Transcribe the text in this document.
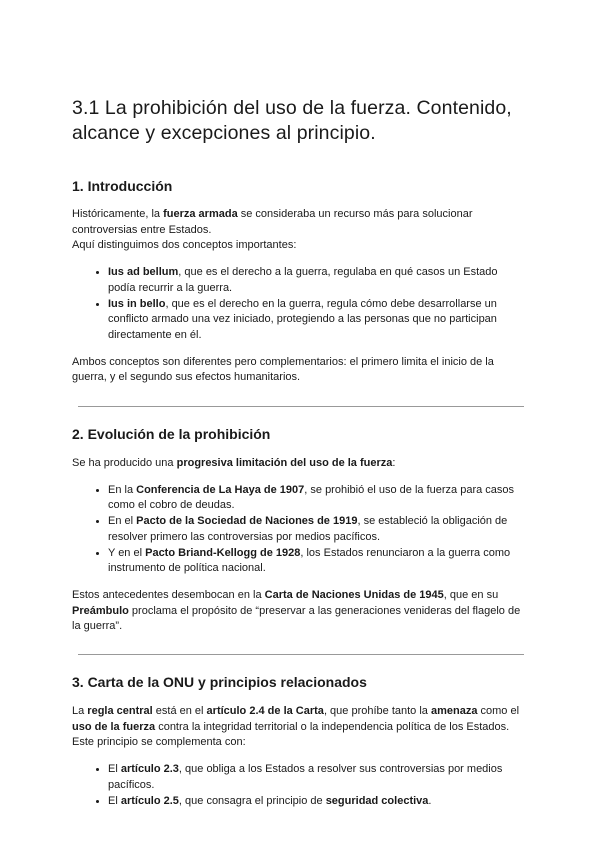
3.1 La prohibición del uso de la fuerza. Contenido, alcance y excepciones al principio.
1. Introducción

Históricamente, la fuerza armada se consideraba un recurso más para solucionar controversias entre Estados.

Aquí distinguimos dos conceptos importantes:

• Ius ad bellum, que es el derecho a la guerra, regulaba en qué casos un Estado podía recurrir a la guerra.
• Ius in bello, que es el derecho en la guerra, regula cómo debe desarrollarse un conflicto armado una vez iniciado, protegiendo a las personas que no participan directamente en él.

Ambos conceptos son diferentes pero complementarios: el primero limita el inicio de la guerra, y el segundo sus efectos humanitarios.

2. Evolución de la prohibición

Se ha producido una progresiva limitación del uso de la fuerza:

• En la Conferencia de La Haya de 1907, se prohibió el uso de la fuerza para casos como el cobro de deudas.
• En el Pacto de la Sociedad de Naciones de 1919, se estableció la obligación de resolver primero las controversias por medios pacíficos.
• Y en el Pacto Briand-Kellogg de 1928, los Estados renunciaron a la guerra como instrumento de política nacional.

Estos antecedentes desembocan en la Carta de Naciones Unidas de 1945, que en su Preámbulo proclama el propósito de “preservar a las generaciones venideras del flagelo de la guerra”.

3. Carta de la ONU y principios relacionados

La regla central está en el artículo 2.4 de la Carta, que prohíbe tanto la amenaza como el uso de la fuerza contra la integridad territorial o la independencia política de los Estados. Este principio se complementa con:

• El artículo 2.3, que obliga a los Estados a resolver sus controversias por medios pacíficos.
• El artículo 2.5, que consagra el principio de seguridad colectiva.
